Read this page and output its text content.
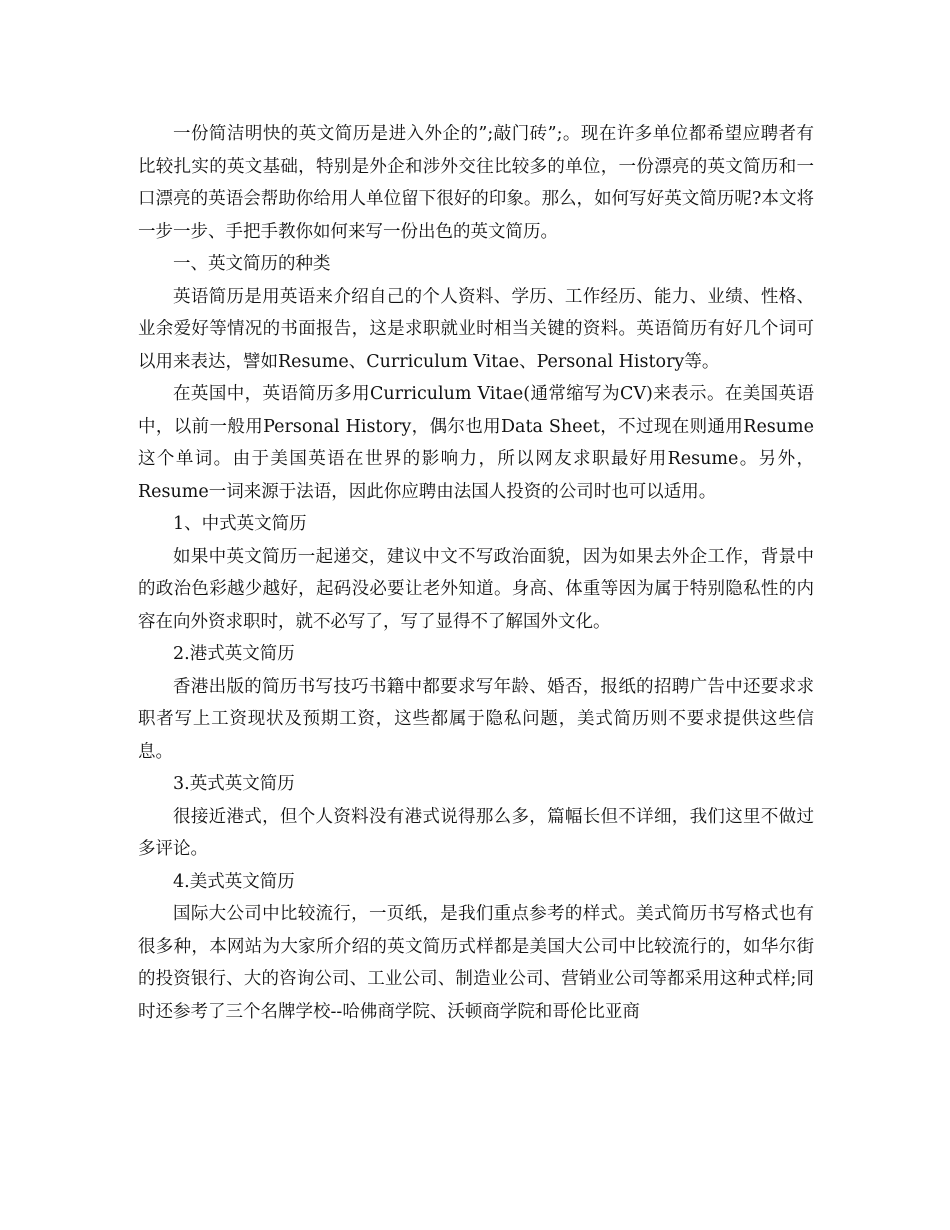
一份简洁明快的英文简历是进入外企的”;敲门砖”;。现在许多单位都希望应聘者有比较扎实的英文基础，特别是外企和涉外交往比较多的单位，一份漂亮的英文简历和一口漂亮的英语会帮助你给用人单位留下很好的印象。那么，如何写好英文简历呢?本文将一步一步、手把手教你如何来写一份出色的英文简历。

一、英文简历的种类

英语简历是用英语来介绍自己的个人资料、学历、工作经历、能力、业绩、性格、业余爱好等情况的书面报告，这是求职就业时相当关键的资料。英语简历有好几个词可以用来表达，譬如Resume、Curriculum Vitae、Personal History等。

在英国中，英语简历多用Curriculum Vitae(通常缩写为CV)来表示。在美国英语中，以前一般用Personal History，偶尔也用Data Sheet，不过现在则通用Resume这个单词。由于美国英语在世界的影响力，所以网友求职最好用Resume。另外，Resume一词来源于法语，因此你应聘由法国人投资的公司时也可以适用。

1、中式英文简历

如果中英文简历一起递交，建议中文不写政治面貌，因为如果去外企工作，背景中的政治色彩越少越好，起码没必要让老外知道。身高、体重等因为属于特别隐私性的内容在向外资求职时，就不必写了，写了显得不了解国外文化。

2.港式英文简历

香港出版的简历书写技巧书籍中都要求写年龄、婚否，报纸的招聘广告中还要求求职者写上工资现状及预期工资，这些都属于隐私问题，美式简历则不要求提供这些信息。

3.英式英文简历

很接近港式，但个人资料没有港式说得那么多，篇幅长但不详细，我们这里不做过多评论。

4.美式英文简历

国际大公司中比较流行，一页纸，是我们重点参考的样式。美式简历书写格式也有很多种，本网站为大家所介绍的英文简历式样都是美国大公司中比较流行的，如华尔街的投资银行、大的咨询公司、工业公司、制造业公司、营销业公司等都采用这种式样;同时还参考了三个名牌学校--哈佛商学院、沃顿商学院和哥伦比亚商
